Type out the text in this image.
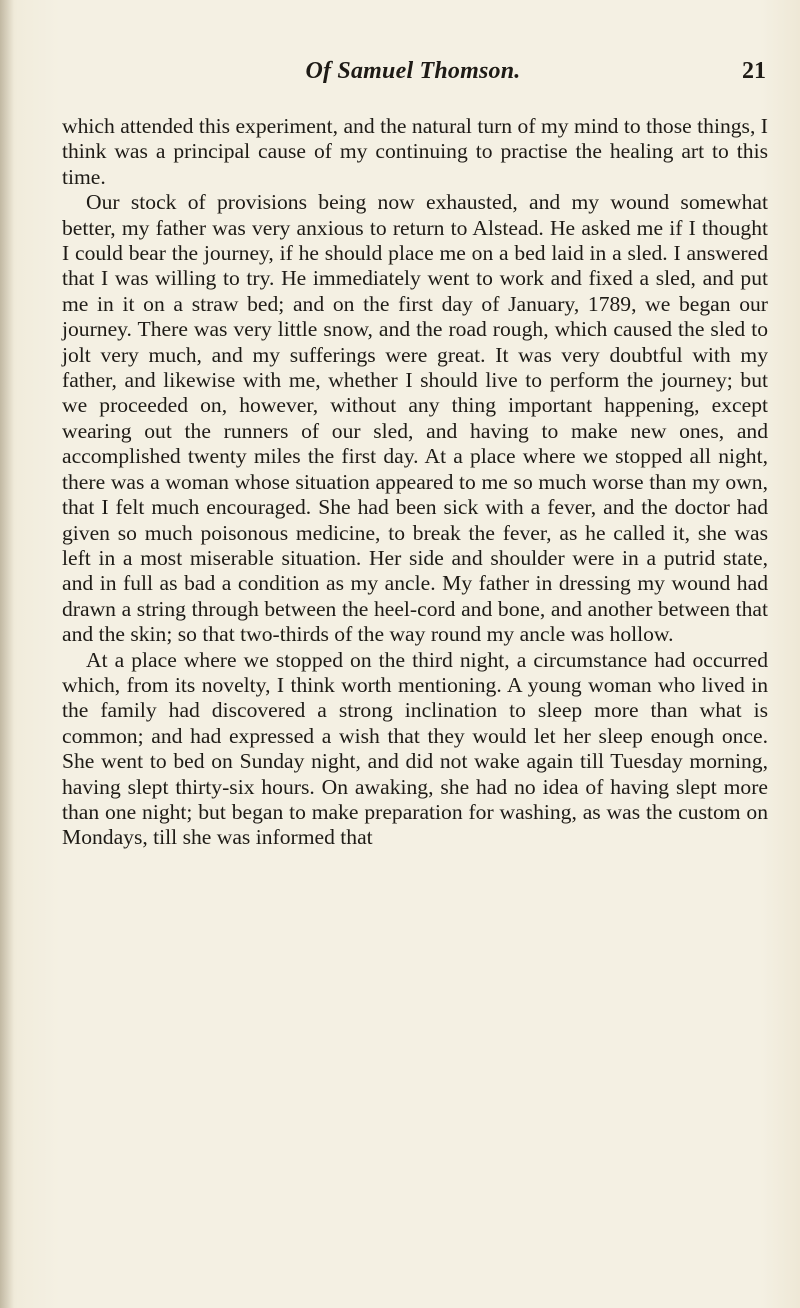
Of Samuel Thomson.	21

which attended this experiment, and the natural turn of my mind to those things, I think was a principal cause of my continuing to practise the healing art to this time.

Our stock of provisions being now exhausted, and my wound somewhat better, my father was very anxious to return to Alstead. He asked me if I thought I could bear the journey, if he should place me on a bed laid in a sled. I answered that I was willing to try. He immediately went to work and fixed a sled, and put me in it on a straw bed; and on the first day of January, 1789, we began our journey. There was very little snow, and the road rough, which caused the sled to jolt very much, and my sufferings were great. It was very doubtful with my father, and likewise with me, whether I should live to perform the journey; but we proceeded on, however, without any thing important happening, except wearing out the runners of our sled, and having to make new ones, and accomplished twenty miles the first day. At a place where we stopped all night, there was a woman whose situation appeared to me so much worse than my own, that I felt much encouraged. She had been sick with a fever, and the doctor had given so much poisonous medicine, to break the fever, as he called it, she was left in a most miserable situation. Her side and shoulder were in a putrid state, and in full as bad a condition as my ancle. My father in dressing my wound had drawn a string through between the heel-cord and bone, and another between that and the skin; so that two-thirds of the way round my ancle was hollow.

At a place where we stopped on the third night, a circumstance had occurred which, from its novelty, I think worth mentioning. A young woman who lived in the family had discovered a strong inclination to sleep more than what is common; and had expressed a wish that they would let her sleep enough once. She went to bed on Sunday night, and did not wake again till Tuesday morning, having slept thirty-six hours. On awaking, she had no idea of having slept more than one night; but began to make preparation for washing, as was the custom on Mondays, till she was informed that
